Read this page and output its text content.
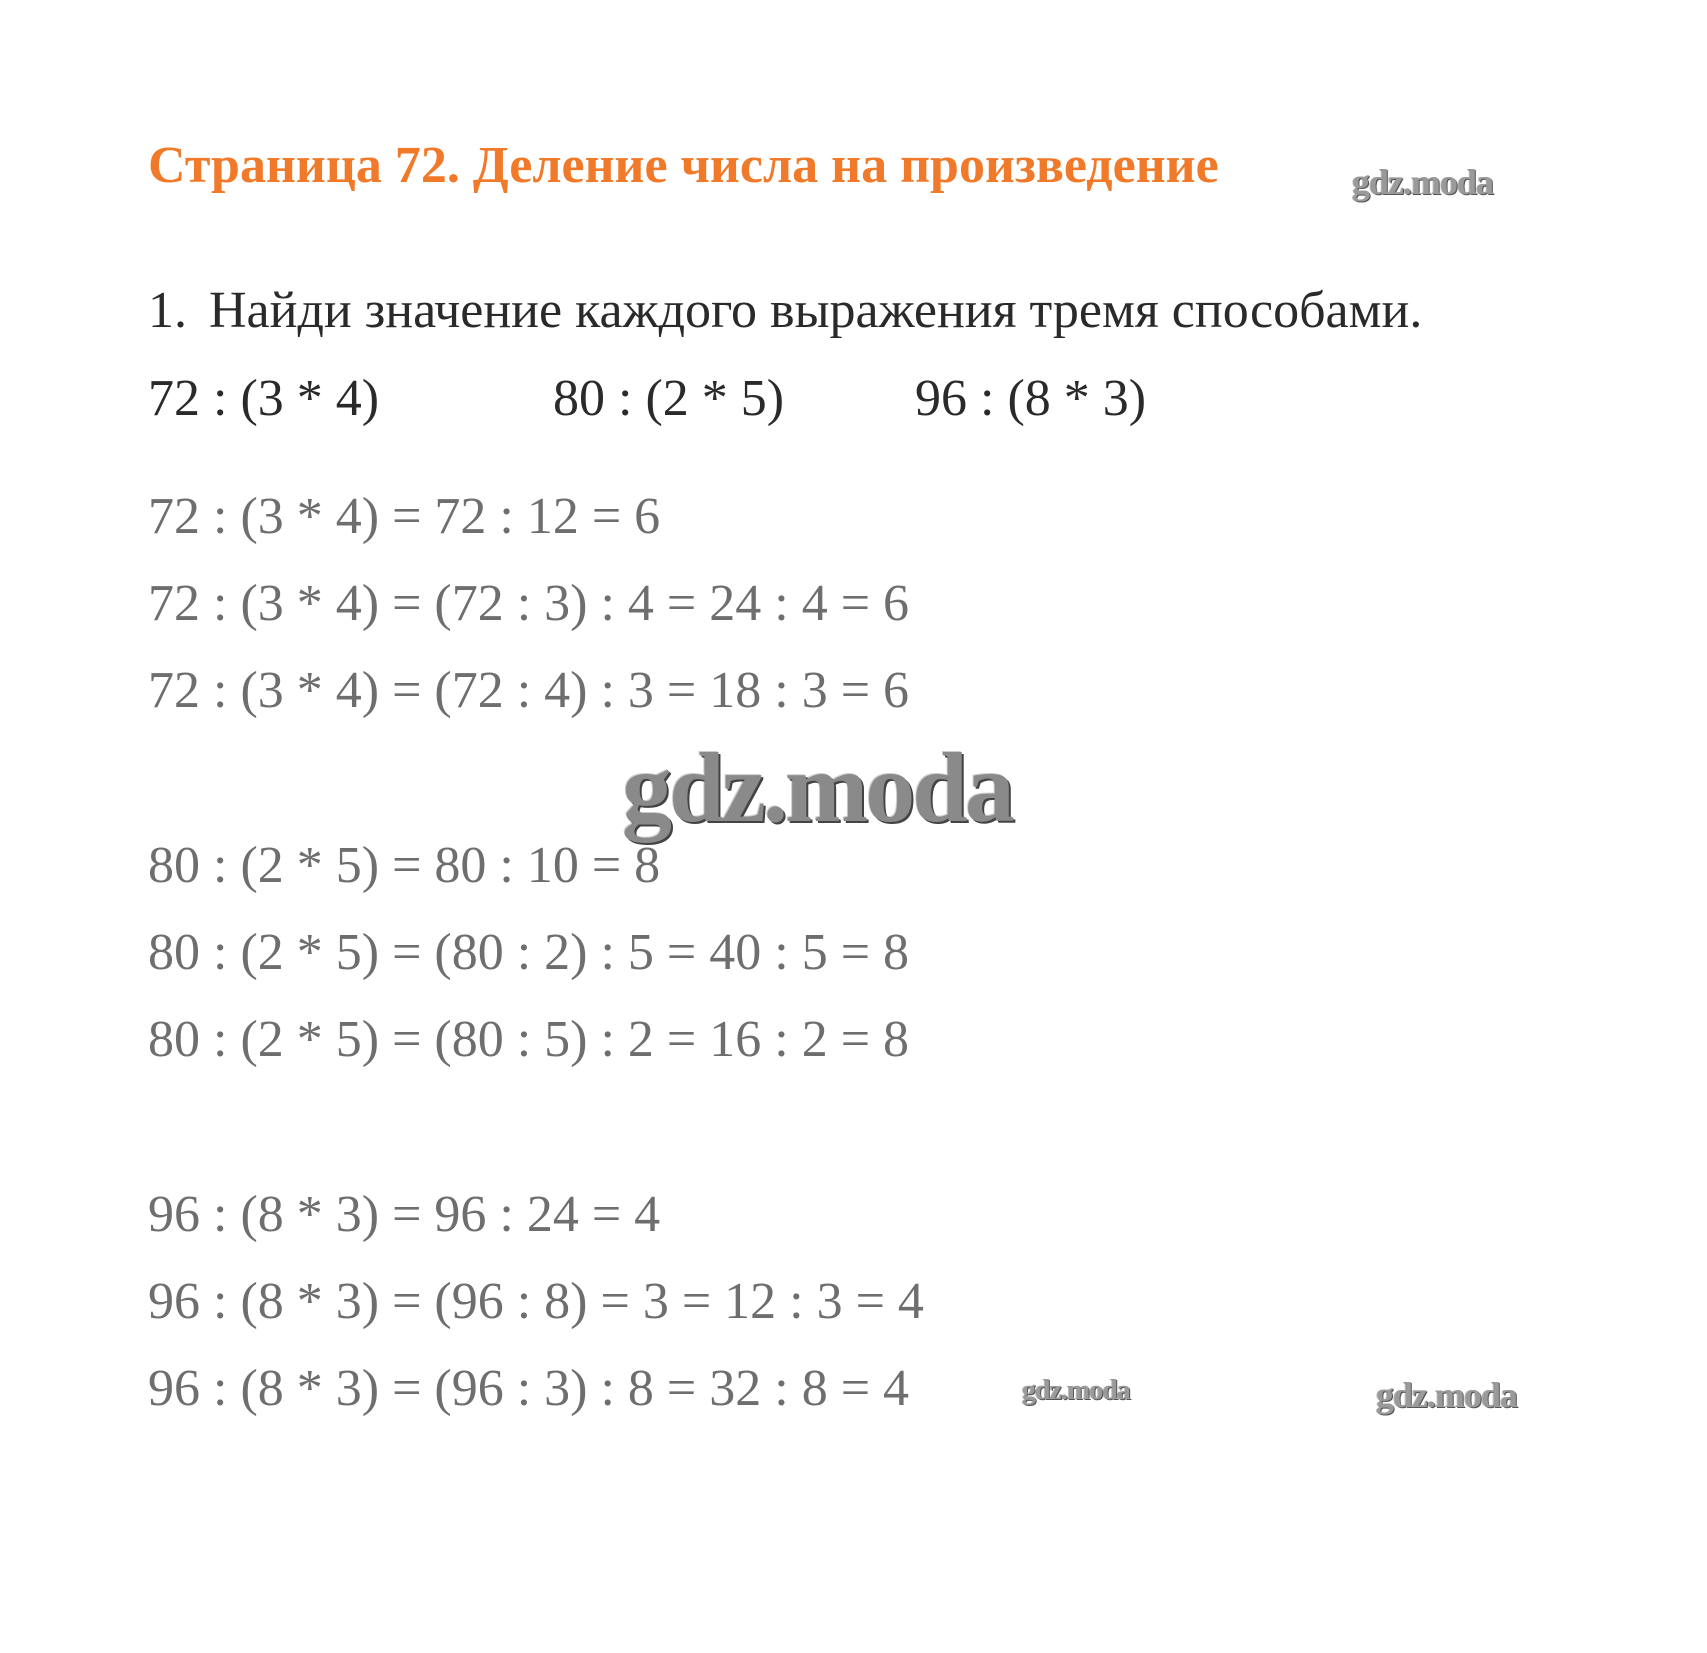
Страница 72. Деление числа на произведение	gdz.moda
1. Найди значение каждого выражения тремя способами.
72 : (3 * 4)	80 : (2 * 5)	96 : (8 * 3)
72 : (3 * 4) = 72 : 12 = 6
72 : (3 * 4) = (72 : 3) : 4 = 24 : 4 = 6
72 : (3 * 4) = (72 : 4) : 3 = 18 : 3 = 6
gdz.moda
80 : (2 * 5) = 80 : 10 = 8
80 : (2 * 5) = (80 : 2) : 5 = 40 : 5 = 8
80 : (2 * 5) = (80 : 5) : 2 = 16 : 2 = 8
96 : (8 * 3) = 96 : 24 = 4
96 : (8 * 3) = (96 : 8) = 3 = 12 : 3 = 4
96 : (8 * 3) = (96 : 3) : 8 = 32 : 8 = 4	gdz.moda	gdz.moda
